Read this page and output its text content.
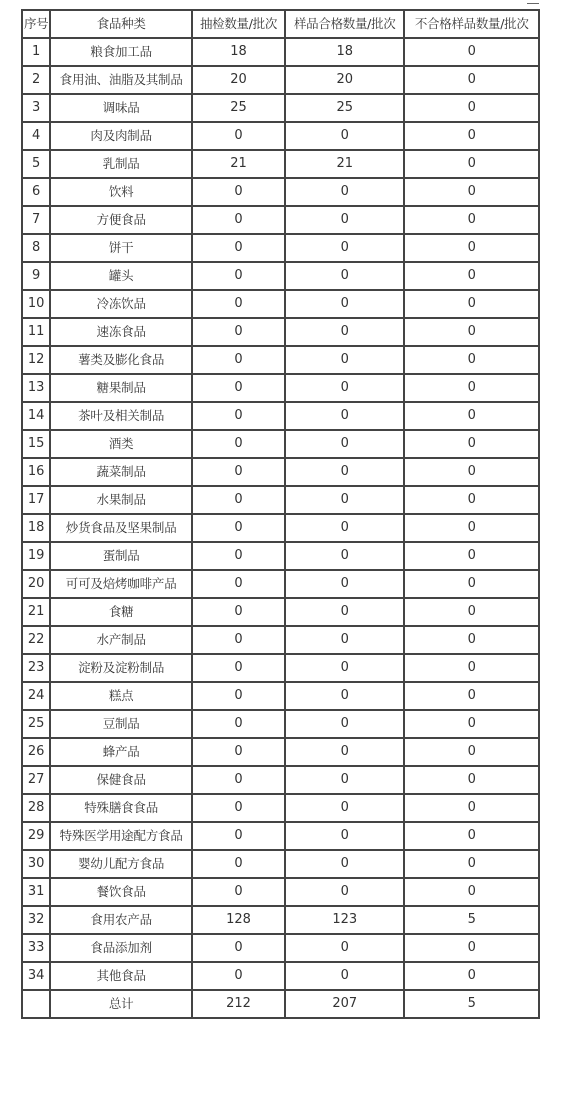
序号	食品种类	抽检数量/批次	样品合格数量/批次	不合格样品数量/批次
1	粮食加工品	18	18	0
2	食用油、油脂及其制品	20	20	0
3	调味品	25	25	0
4	肉及肉制品	0	0	0
5	乳制品	21	21	0
6	饮料	0	0	0
7	方便食品	0	0	0
8	饼干	0	0	0
9	罐头	0	0	0
10	冷冻饮品	0	0	0
11	速冻食品	0	0	0
12	薯类及膨化食品	0	0	0
13	糖果制品	0	0	0
14	茶叶及相关制品	0	0	0
15	酒类	0	0	0
16	蔬菜制品	0	0	0
17	水果制品	0	0	0
18	炒货食品及坚果制品	0	0	0
19	蛋制品	0	0	0
20	可可及焙烤咖啡产品	0	0	0
21	食糖	0	0	0
22	水产制品	0	0	0
23	淀粉及淀粉制品	0	0	0
24	糕点	0	0	0
25	豆制品	0	0	0
26	蜂产品	0	0	0
27	保健食品	0	0	0
28	特殊膳食食品	0	0	0
29	特殊医学用途配方食品	0	0	0
30	婴幼儿配方食品	0	0	0
31	餐饮食品	0	0	0
32	食用农产品	128	123	5
33	食品添加剂	0	0	0
34	其他食品	0	0	0
	总计	212	207	5
